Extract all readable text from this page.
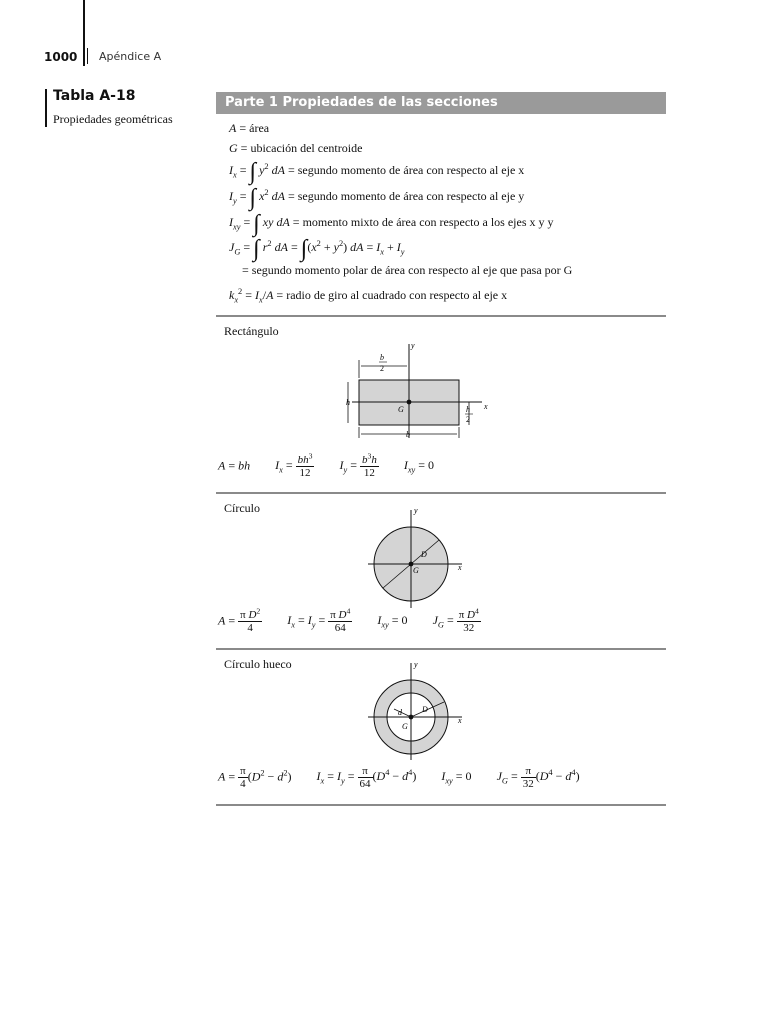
1000 Apéndice A
Tabla A-18
Propiedades geométricas
Parte 1 Propiedades de las secciones
A = área
G = ubicación del centroide
$I_x$ = ∫ $y^2$ dA = segundo momento de área con respecto al eje x
$I_y$ = ∫ $x^2$ dA = segundo momento de área con respecto al eje y
$I_{xy}$ = ∫ xy dA = momento mixto de área con respecto a los ejes x y y
$J_G$ = ∫ $r^2$ dA = $\int(x^2 + y^2)$ dA = $I_x + I_y$
= segundo momento polar de área con respecto al eje que pasa por G
$k_x^2 = I_x/A$ = radio de giro al cuadrado con respecto al eje x
Rectángulo
y
x
G
b
2
h
h
2
b
A = bh $I_x = \frac{bh^3}{12} I_y = \frac{b^3h}{12} I_{xy} = 0$
Círculo	y
x
G
D
$A = \frac{\pi D^2}{4} I_x = I_y = \frac{\pi D^4}{64} I_{xy} = 0$ $J_G = \frac{\pi D^4}{32}$
Círculo hueco	y
x
G
d	D
$A = \frac{\pi}{4} (D^2 - d^2) I_x = I_y = \frac{\pi}{64} (D^4 - d^4) I_{xy} = 0$ $J_G = \frac{\pi}{32} (D^4 - d^4)$
